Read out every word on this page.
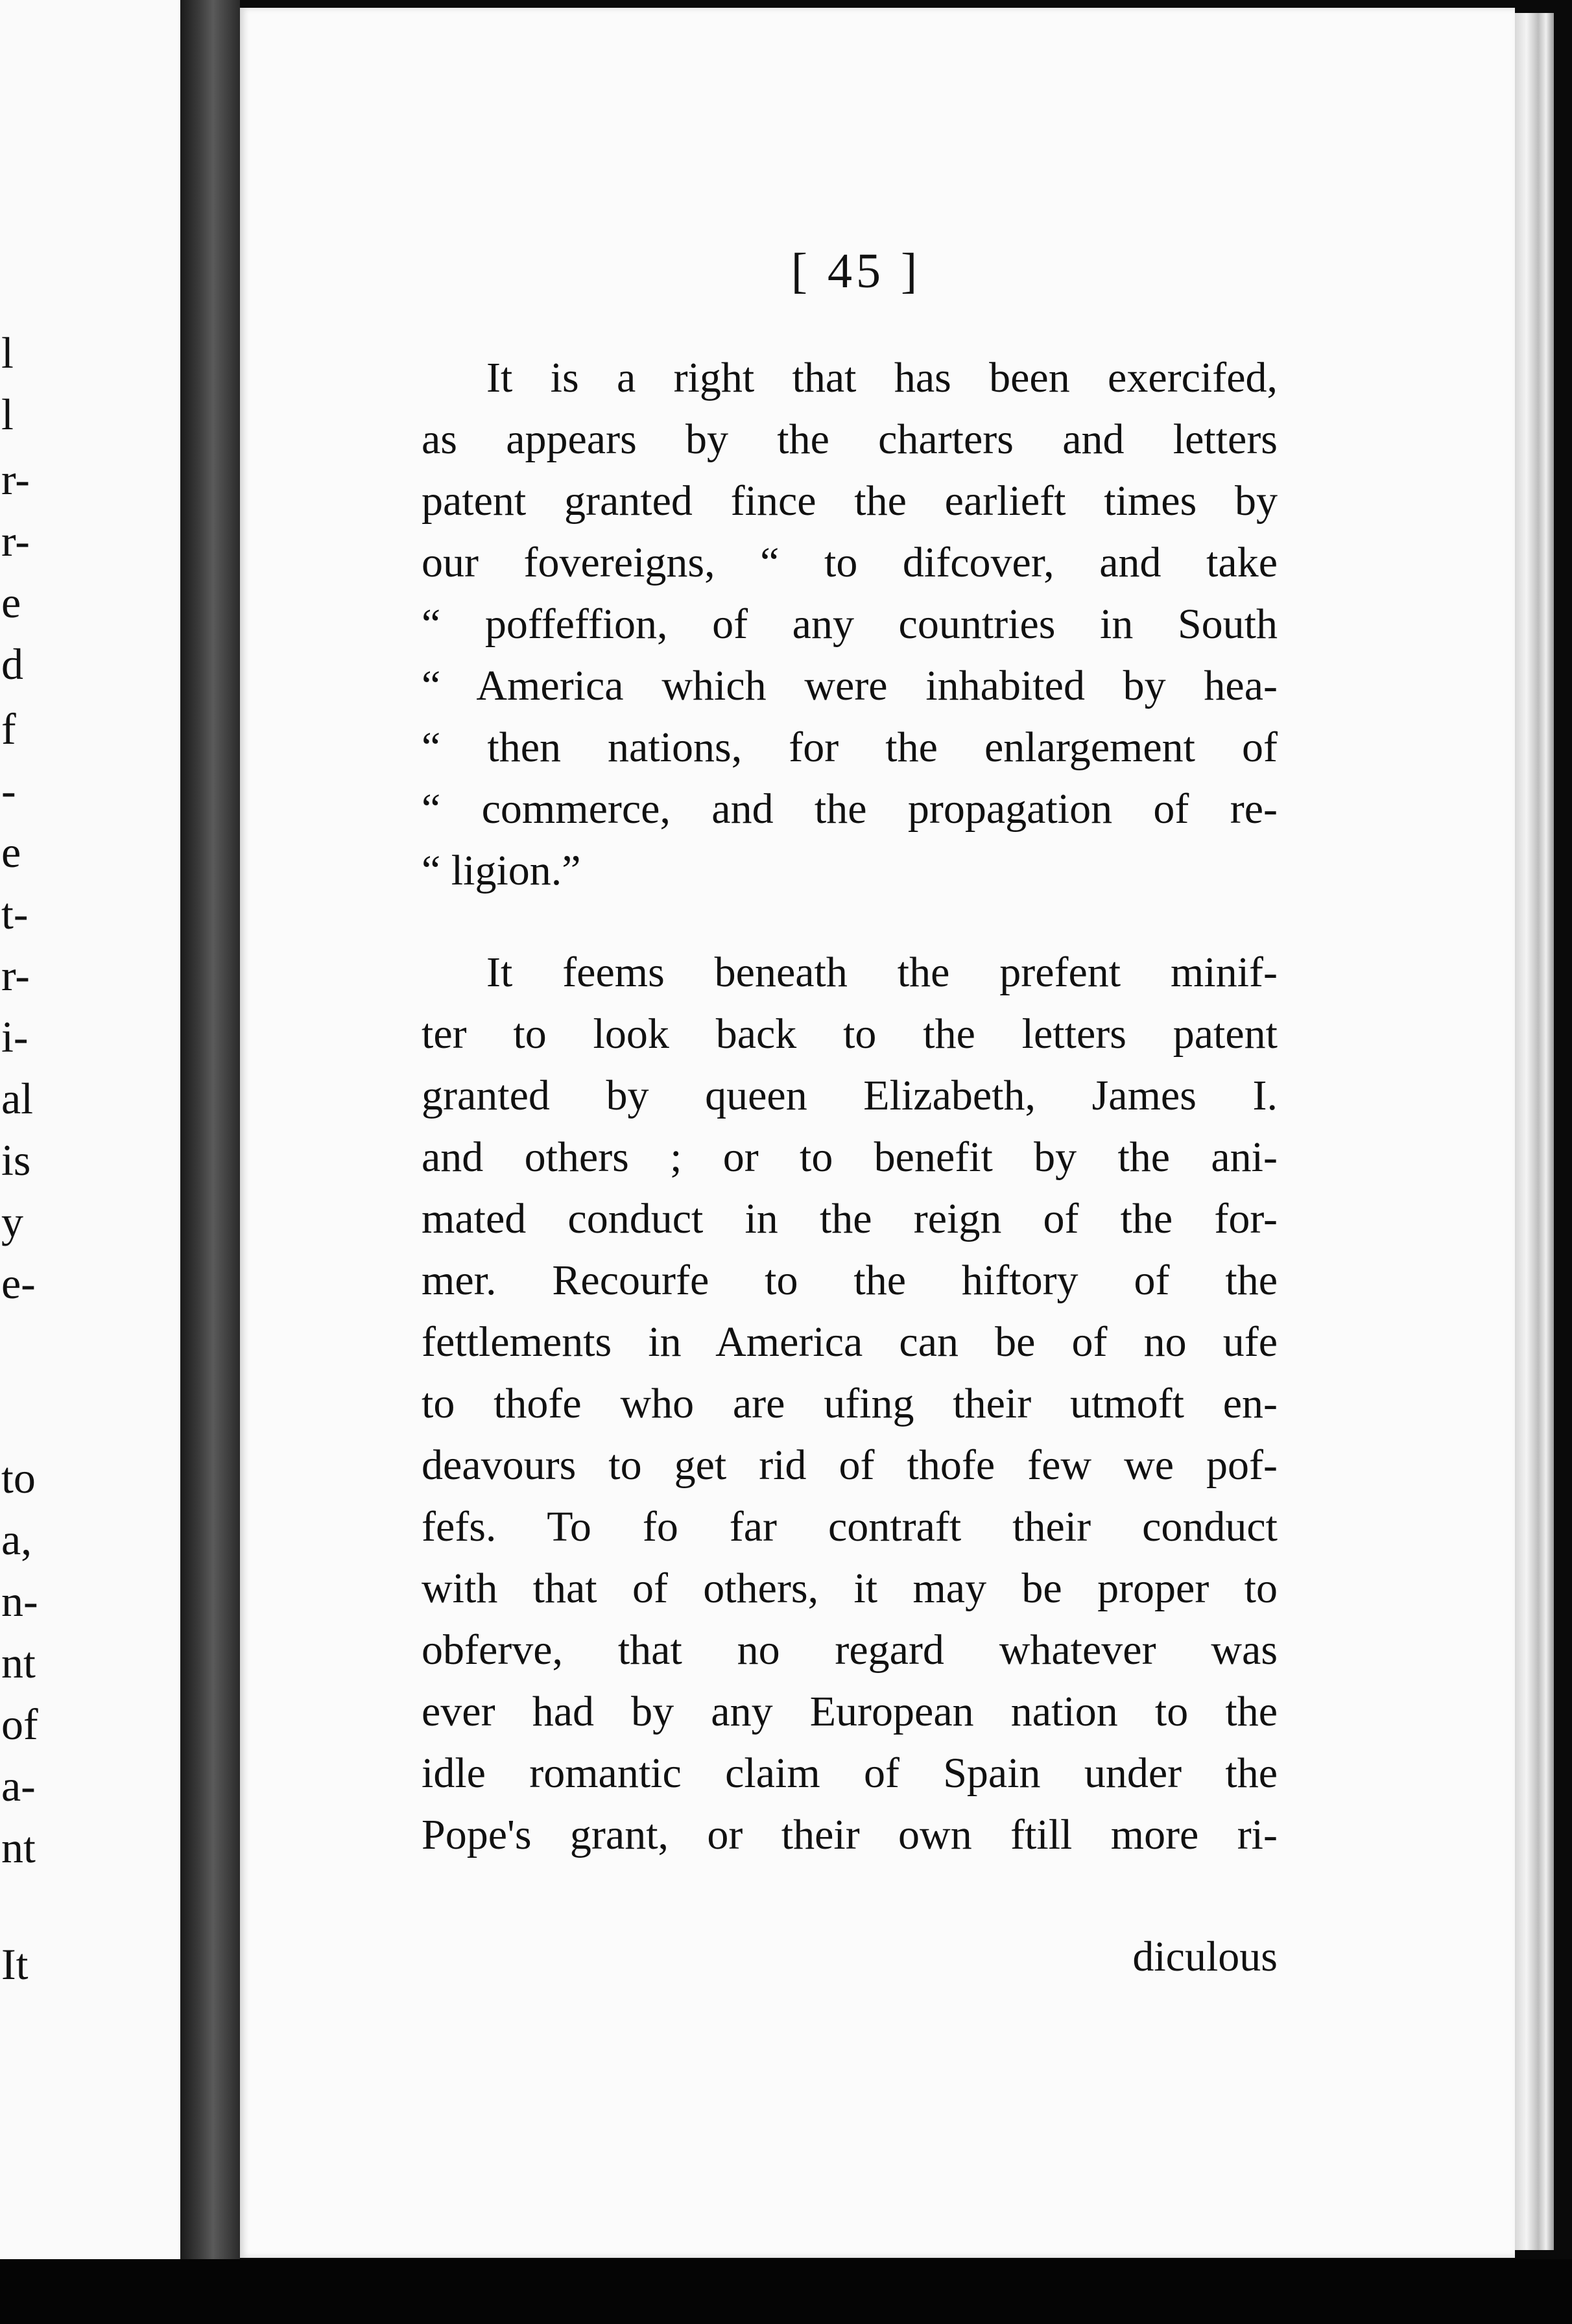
l
l
r-
r-
e
d
f
-
e
t-
r-
i-
al
is
y
e-
to
a,
n-
nt
of
a-
nt
It
[ 45 ]
It is a right that has been exercifed,
as appears by the charters and letters
patent granted fince the earlieft times by
our fovereigns, “ to difcover, and take
“ poffeffion, of any countries in South
“ America which were inhabited by hea-
“ then nations, for the enlargement of
“ commerce, and the propagation of re-
“ ligion.”
It feems beneath the prefent minif-
ter to look back to the letters patent
granted by queen Elizabeth, James I.
and others ; or to benefit by the ani-
mated conduct in the reign of the for-
mer. Recourfe to the hiftory of the
fettlements in America can be of no ufe
to thofe who are ufing their utmoft en-
deavours to get rid of thofe few we pof-
fefs. To fo far contraft their conduct
with that of others, it may be proper to
obferve, that no regard whatever was
ever had by any European nation to the
idle romantic claim of Spain under the
Pope's grant, or their own ftill more ri-
diculous
